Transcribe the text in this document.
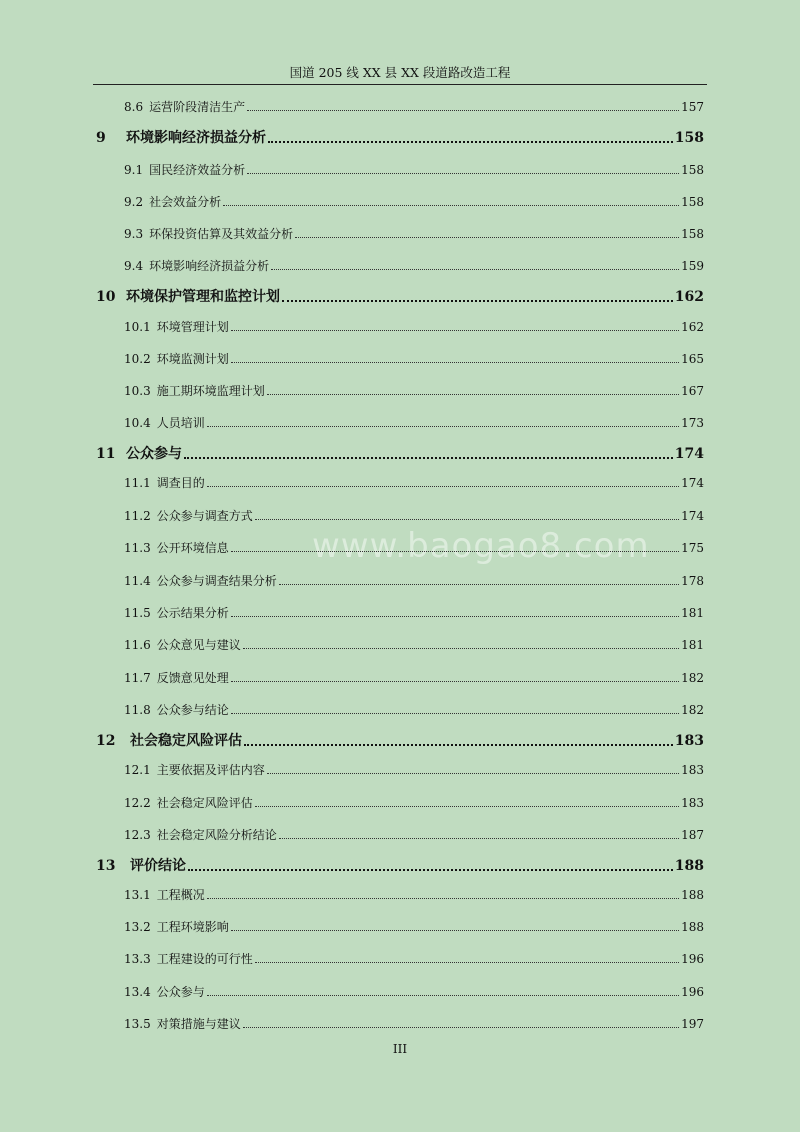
国道 205 线 XX 县 XX 段道路改造工程
www.baogao8.com
8.6 运营阶段清洁生产	157
9	环境影响经济损益分析	158
9.1 国民经济效益分析	158
9.2 社会效益分析	158
9.3 环保投资估算及其效益分析	158
9.4 环境影响经济损益分析	159
10 环境保护管理和监控计划	162
10.1 环境管理计划	162
10.2 环境监测计划	165
10.3 施工期环境监理计划	167
10.4 人员培训	173
11 公众参与	174
11.1 调查目的	174
11.2 公众参与调查方式	174
11.3 公开环境信息	175
11.4 公众参与调查结果分析	178
11.5 公示结果分析	181
11.6 公众意见与建议	181
11.7 反馈意见处理	182
11.8 公众参与结论	182
12	社会稳定风险评估	183
12.1 主要依据及评估内容	183
12.2 社会稳定风险评估	183
12.3 社会稳定风险分析结论	187
13	评价结论	188
13.1 工程概况	188
13.2 工程环境影响	188
13.3 工程建设的可行性	196
13.4 公众参与	196
13.5 对策措施与建议	197
III
